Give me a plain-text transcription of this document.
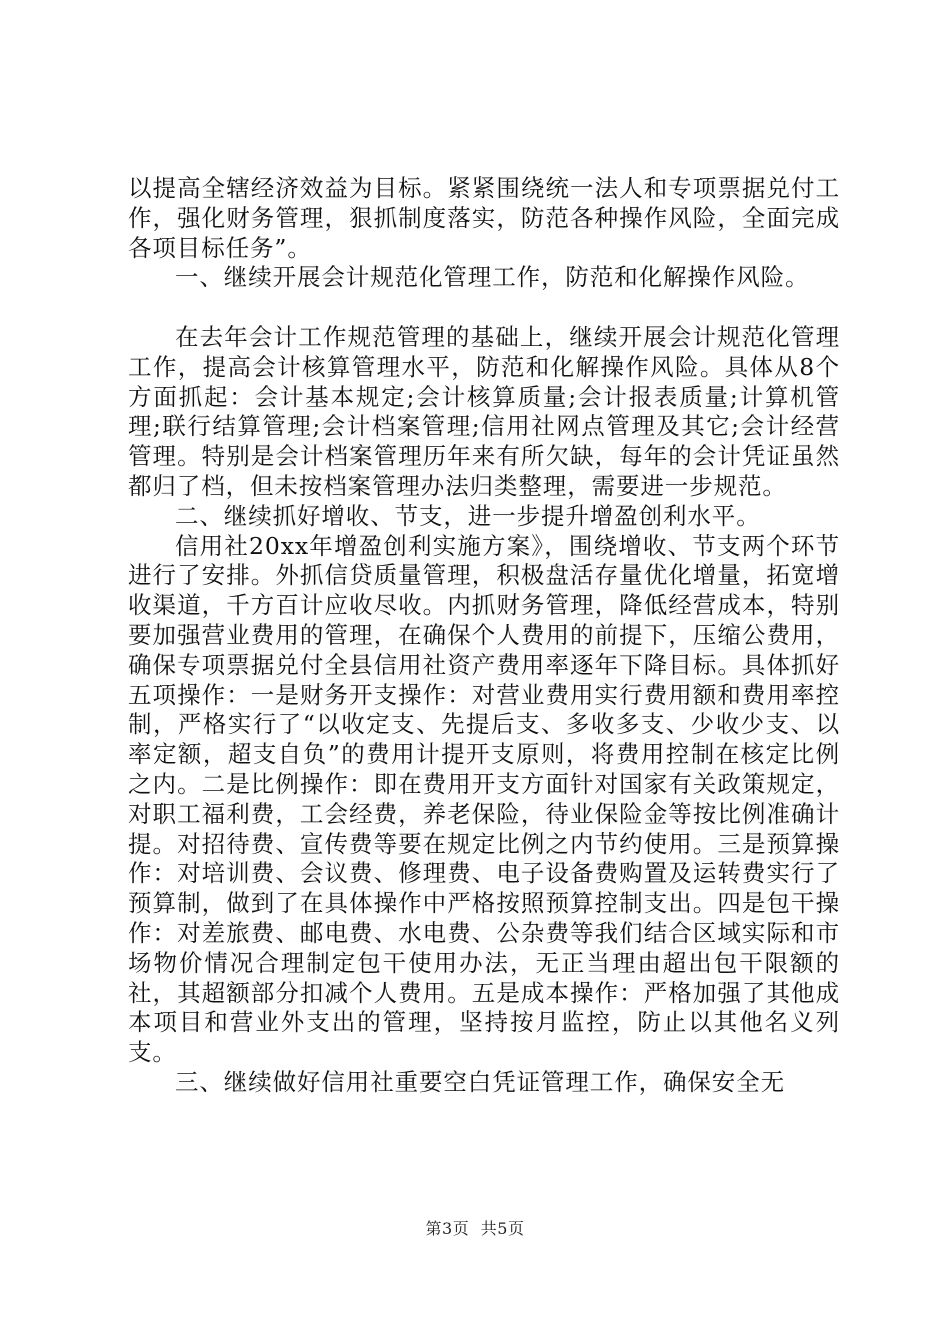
以提高全辖经济效益为目标。紧紧围绕统一法人和专项票据兑付工作，强化财务管理，狠抓制度落实，防范各种操作风险，全面完成各项目标任务”。

一、继续开展会计规范化管理工作，防范和化解操作风险。

在去年会计工作规范管理的基础上，继续开展会计规范化管理工作，提高会计核算管理水平，防范和化解操作风险。具体从8个方面抓起：会计基本规定;会计核算质量;会计报表质量;计算机管理;联行结算管理;会计档案管理;信用社网点管理及其它;会计经营管理。特别是会计档案管理历年来有所欠缺，每年的会计凭证虽然都归了档，但未按档案管理办法归类整理，需要进一步规范。

二、继续抓好增收、节支，进一步提升增盈创利水平。

信用社20xx年增盈创利实施方案》，围绕增收、节支两个环节进行了安排。外抓信贷质量管理，积极盘活存量优化增量，拓宽增收渠道，千方百计应收尽收。内抓财务管理，降低经营成本，特别要加强营业费用的管理，在确保个人费用的前提下，压缩公费用，确保专项票据兑付全县信用社资产费用率逐年下降目标。具体抓好五项操作：一是财务开支操作：对营业费用实行费用额和费用率控制，严格实行了“以收定支、先提后支、多收多支、少收少支、以率定额，超支自负”的费用计提开支原则，将费用控制在核定比例之内。二是比例操作：即在费用开支方面针对国家有关政策规定，对职工福利费，工会经费，养老保险，待业保险金等按比例准确计提。对招待费、宣传费等要在规定比例之内节约使用。三是预算操作：对培训费、会议费、修理费、电子设备费购置及运转费实行了预算制，做到了在具体操作中严格按照预算控制支出。四是包干操作：对差旅费、邮电费、水电费、公杂费等我们结合区域实际和市场物价情况合理制定包干使用办法，无正当理由超出包干限额的社，其超额部分扣减个人费用。五是成本操作：严格加强了其他成本项目和营业外支出的管理，坚持按月监控，防止以其他名义列支。

三、继续做好信用社重要空白凭证管理工作，确保安全无

第3页 共5页
